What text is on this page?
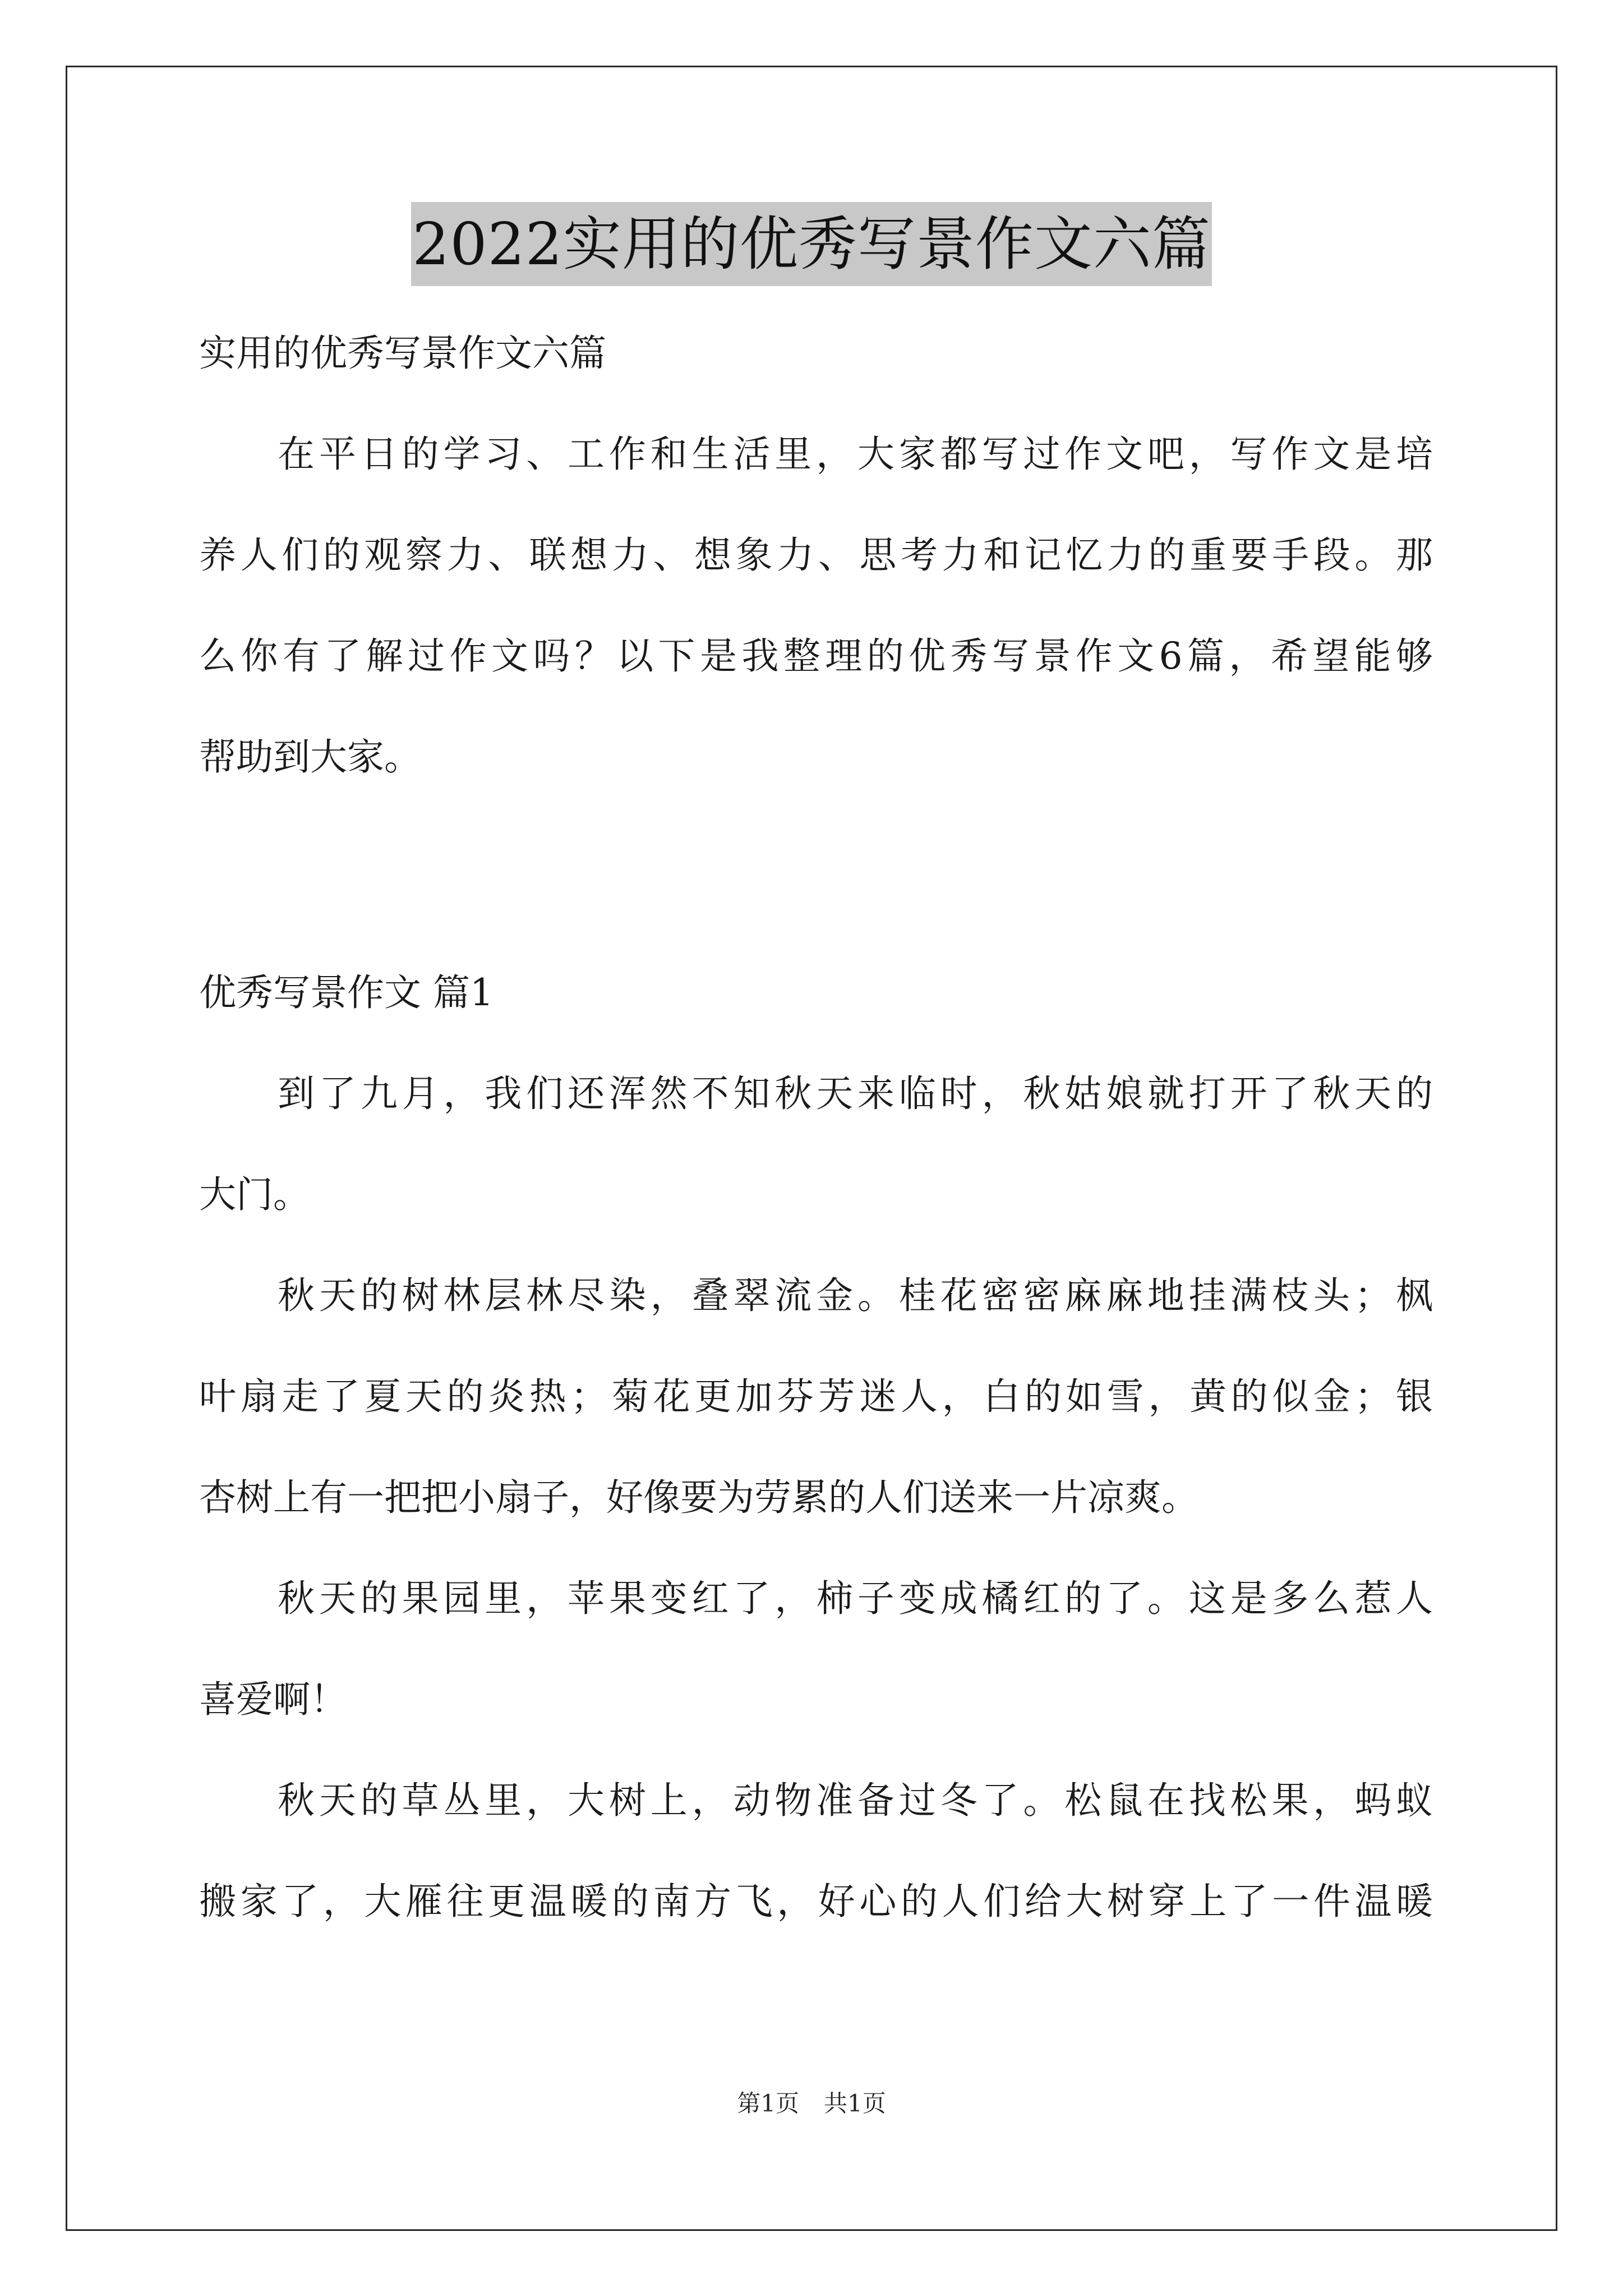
2022实用的优秀写景作文六篇

实用的优秀写景作文六篇

在平日的学习、工作和生活里，大家都写过作文吧，写作文是培

养人们的观察力、联想力、想象力、思考力和记忆力的重要手段。那

么你有了解过作文吗？以下是我整理的优秀写景作文6篇，希望能够

帮助到大家。

优秀写景作文 篇1

到了九月，我们还浑然不知秋天来临时，秋姑娘就打开了秋天的

大门。

秋天的树林层林尽染，叠翠流金。桂花密密麻麻地挂满枝头；枫

叶扇走了夏天的炎热；菊花更加芬芳迷人，白的如雪，黄的似金；银

杏树上有一把把小扇子，好像要为劳累的人们送来一片凉爽。

秋天的果园里，苹果变红了，柿子变成橘红的了。这是多么惹人

喜爱啊！

秋天的草丛里，大树上，动物准备过冬了。松鼠在找松果，蚂蚁

搬家了，大雁往更温暖的南方飞，好心的人们给大树穿上了一件温暖

第1页 共1页
